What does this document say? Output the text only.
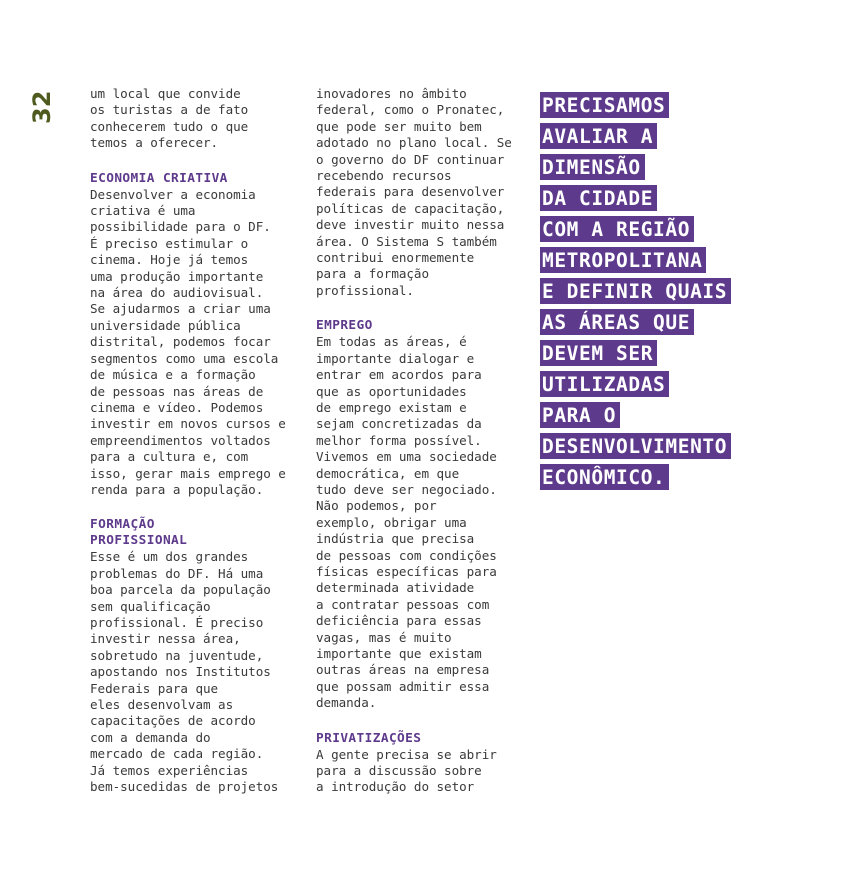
32	um local que convide
os turistas a de fato
conhecerem tudo o que
temos a oferecer.

ECONOMIA CRIATIVA

Desenvolver a economia
criativa é uma
possibilidade para o DF.
É preciso estimular o
cinema. Hoje já temos
uma produção importante
na área do audiovisual.
Se ajudarmos a criar uma
universidade pública
distrital, podemos focar
segmentos como uma escola
de música e a formação
de pessoas nas áreas de
cinema e vídeo. Podemos
investir em novos cursos e
empreendimentos voltados
para a cultura e, com
isso, gerar mais emprego e
renda para a população.

FORMAÇÃO
PROFISSIONAL

Esse é um dos grandes
problemas do DF. Há uma
boa parcela da população
sem qualificação
profissional. É preciso
investir nessa área,
sobretudo na juventude,
apostando nos Institutos
Federais para que
eles desenvolvam as
capacitações de acordo
com a demanda do
mercado de cada região.
Já temos experiências
bem-sucedidas de projetos

inovadores no âmbito
federal, como o Pronatec,
que pode ser muito bem
adotado no plano local. Se
o governo do DF continuar
recebendo recursos
federais para desenvolver
políticas de capacitação,
deve investir muito nessa
área. O Sistema S também
contribui enormemente
para a formação
profissional.

EMPREGO

Em todas as áreas, é
importante dialogar e
entrar em acordos para
que as oportunidades
de emprego existam e
sejam concretizadas da
melhor forma possível.
Vivemos em uma sociedade
democrática, em que
tudo deve ser negociado.
Não podemos, por
exemplo, obrigar uma
indústria que precisa
de pessoas com condições
físicas específicas para
determinada atividade
a contratar pessoas com
deficiência para essas
vagas, mas é muito
importante que existam
outras áreas na empresa
que possam admitir essa
demanda.

PRIVATIZAÇÕES

A gente precisa se abrir
para a discussão sobre
a introdução do setor

PRECISAMOS
AVALIAR A
DIMENSÃO
DA CIDADE
COM A REGIÃO
METROPOLITANA
E DEFINIR QUAIS
AS ÁREAS QUE
DEVEM SER
UTILIZADAS
PARA O
DESENVOLVIMENTO
ECONÔMICO.
